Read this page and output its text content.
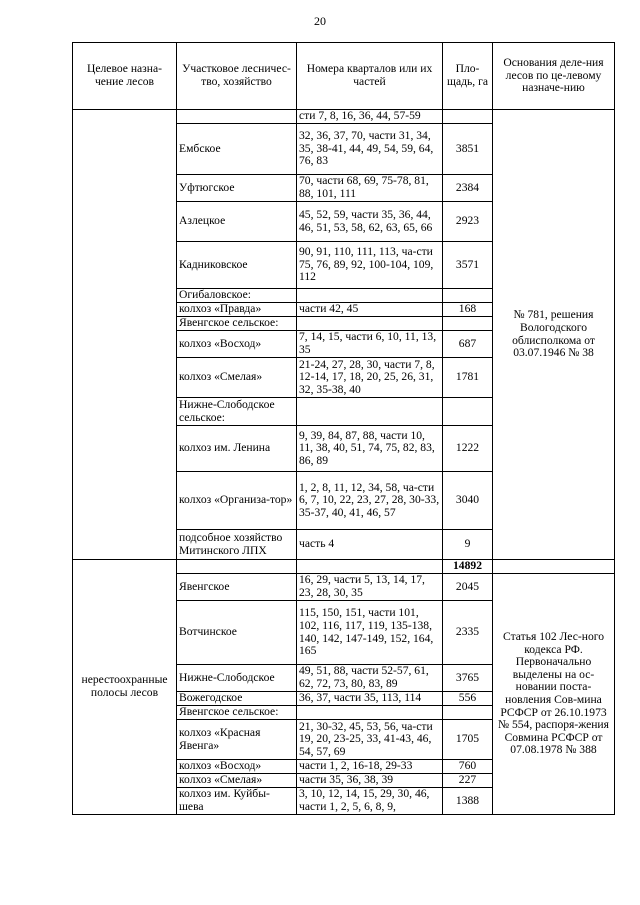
20
Целевое назна-чение лесов	Участковое лесничес-тво, хозяйство	Номера кварталов или их частей	Пло-щадь, га	Основания деле-ния лесов по це-левому назначе-нию
		сти 7, 8, 16, 36, 44, 57-59		№ 781, решения Вологодского облисполкома от 03.07.1946 № 38
	Ембское	32, 36, 37, 70, части 31, 34, 35, 38-41, 44, 49, 54, 59, 64, 76, 83	3851	
	Уфтюгское	70, части 68, 69, 75-78, 81, 88, 101, 111	2384	
	Азлецкое	45, 52, 59, части 35, 36, 44, 46, 51, 53, 58, 62, 63, 65, 66	2923	
	Кадниковское	90, 91, 110, 111, 113, ча-сти 75, 76, 89, 92, 100-104, 109, 112	3571	
	Огибаловское:			
	колхоз «Правда»	части 42, 45	168	
	Явенгское сельское:			
	колхоз «Восход»	7, 14, 15, части 6, 10, 11, 13, 35	687	
	колхоз «Смелая»	21-24, 27, 28, 30, части 7, 8, 12-14, 17, 18, 20, 25, 26, 31, 32, 35-38, 40	1781	
	Нижне-Слободское сельское:			
	колхоз им. Ленина	9, 39, 84, 87, 88, части 10, 11, 38, 40, 51, 74, 75, 82, 83, 86, 89	1222	
	колхоз «Организа-тор»	1, 2, 8, 11, 12, 34, 58, ча-сти 6, 7, 10, 22, 23, 27, 28, 30-33, 35-37, 40, 41, 46, 57	3040	
	подсобное хозяйство Митинского ЛПХ	часть 4	9	
нерестоохранные полосы лесов			14892	
	Явенгское	16, 29, части 5, 13, 14, 17, 23, 28, 30, 35	2045	Статья 102 Лес-ного кодекса РФ. Первоначально выделены на ос-новании поста-новления Сов-мина РСФСР от 26.10.1973 № 554, распоря-жения Совмина РСФСР от 07.08.1978 № 388
	Вотчинское	115, 150, 151, части 101, 102, 116, 117, 119, 135-138, 140, 142, 147-149, 152, 164, 165	2335	
	Нижне-Слободское	49, 51, 88, части 52-57, 61, 62, 72, 73, 80, 83, 89	3765	
	Вожегодское	36, 37, части 35, 113, 114	556	
	Явенгское сельское:			
	колхоз «Красная Явенга»	21, 30-32, 45, 53, 56, ча-сти 19, 20, 23-25, 33, 41-43, 46, 54, 57, 69	1705	
	колхоз «Восход»	части 1, 2, 16-18, 29-33	760	
	колхоз «Смелая»	части 35, 36, 38, 39	227	
	колхоз им. Куйбы-шева	3, 10, 12, 14, 15, 29, 30, 46, части 1, 2, 5, 6, 8, 9,	1388	
